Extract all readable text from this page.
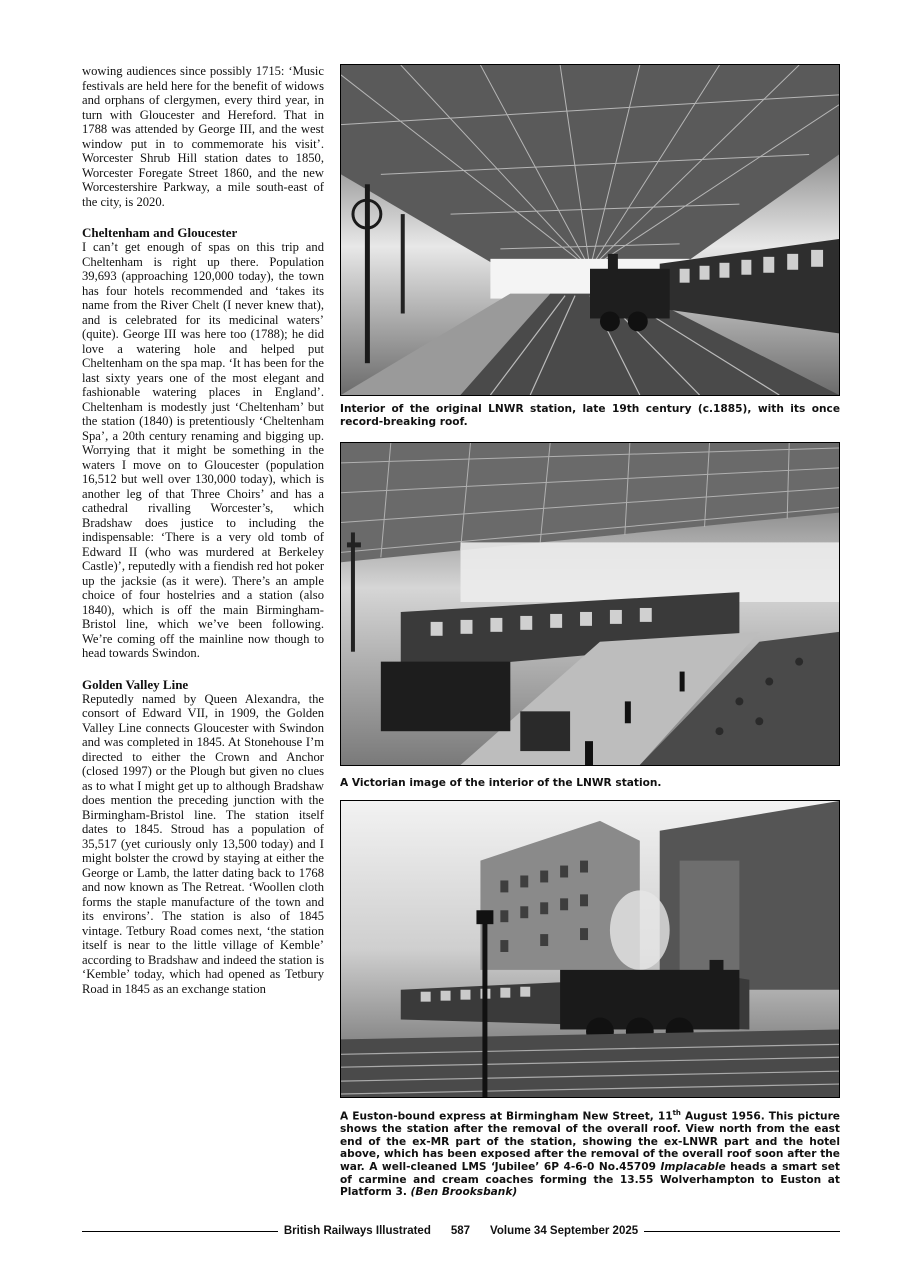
wowing audiences since possibly 1715: ‘Music festivals are held here for the benefit of widows and orphans of clergymen, every third year, in turn with Gloucester and Hereford. That in 1788 was attended by George III, and the west window put in to commemorate his visit’. Worcester Shrub Hill station dates to 1850, Worcester Foregate Street 1860, and the new Worcestershire Parkway, a mile south-east of the city, is 2020.

Cheltenham and Gloucester

I can’t get enough of spas on this trip and Cheltenham is right up there. Population 39,693 (approaching 120,000 today), the town has four hotels recommended and ‘takes its name from the River Chelt (I never knew that), and is celebrated for its medicinal waters’ (quite). George III was here too (1788); he did love a watering hole and helped put Cheltenham on the spa map. ‘It has been for the last sixty years one of the most elegant and fashionable watering places in England’. Cheltenham is modestly just ‘Cheltenham’ but the station (1840) is pretentiously ‘Cheltenham Spa’, a 20th century renaming and bigging up. Worrying that it might be something in the waters I move on to Gloucester (population 16,512 but well over 130,000 today), which is another leg of that Three Choirs’ and has a cathedral rivalling Worcester’s, which Bradshaw does justice to including the indispensable: ‘There is a very old tomb of Edward II (who was murdered at Berkeley Castle)’, reputedly with a fiendish red hot poker up the jacksie (as it were). There’s an ample choice of four hostelries and a station (also 1840), which is off the main Birmingham-Bristol line, which we’ve been following. We’re coming off the mainline now though to head towards Swindon.

Golden Valley Line

Reputedly named by Queen Alexandra, the consort of Edward VII, in 1909, the Golden Valley Line connects Gloucester with Swindon and was completed in 1845. At Stonehouse I’m directed to either the Crown and Anchor (closed 1997) or the Plough but given no clues as to what I might get up to although Bradshaw does mention the preceding junction with the Birmingham-Bristol line. The station itself dates to 1845. Stroud has a population of 35,517 (yet curiously only 13,500 today) and I might bolster the crowd by staying at either the George or Lamb, the latter dating back to 1768 and now known as The Retreat. ‘Woollen cloth forms the staple manufacture of the town and its environs’. The station is also of 1845 vintage. Tetbury Road comes next, ‘the station itself is near to the little village of Kemble’ according to Bradshaw and indeed the station is ‘Kemble’ today, which had opened as Tetbury Road in 1845 as an exchange station

Interior of the original LNWR station, late 19th century (c.1885), with its once record-breaking roof.
A Victorian image of the interior of the LNWR station.
A Euston-bound express at Birmingham New Street, 11th August 1956. This picture shows the station after the removal of the overall roof. View north from the east end of the ex-MR part of the station, showing the ex-LNWR part and the hotel above, which has been exposed after the removal of the overall roof soon after the war. A well-cleaned LMS ‘Jubilee’ 6P 4-6-0 No.45709 Implacable heads a smart set of carmine and cream coaches forming the 13.55 Wolverhampton to Euston at Platform 3. (Ben Brooksbank)
British Railways Illustrated	587	Volume 34 September 2025
